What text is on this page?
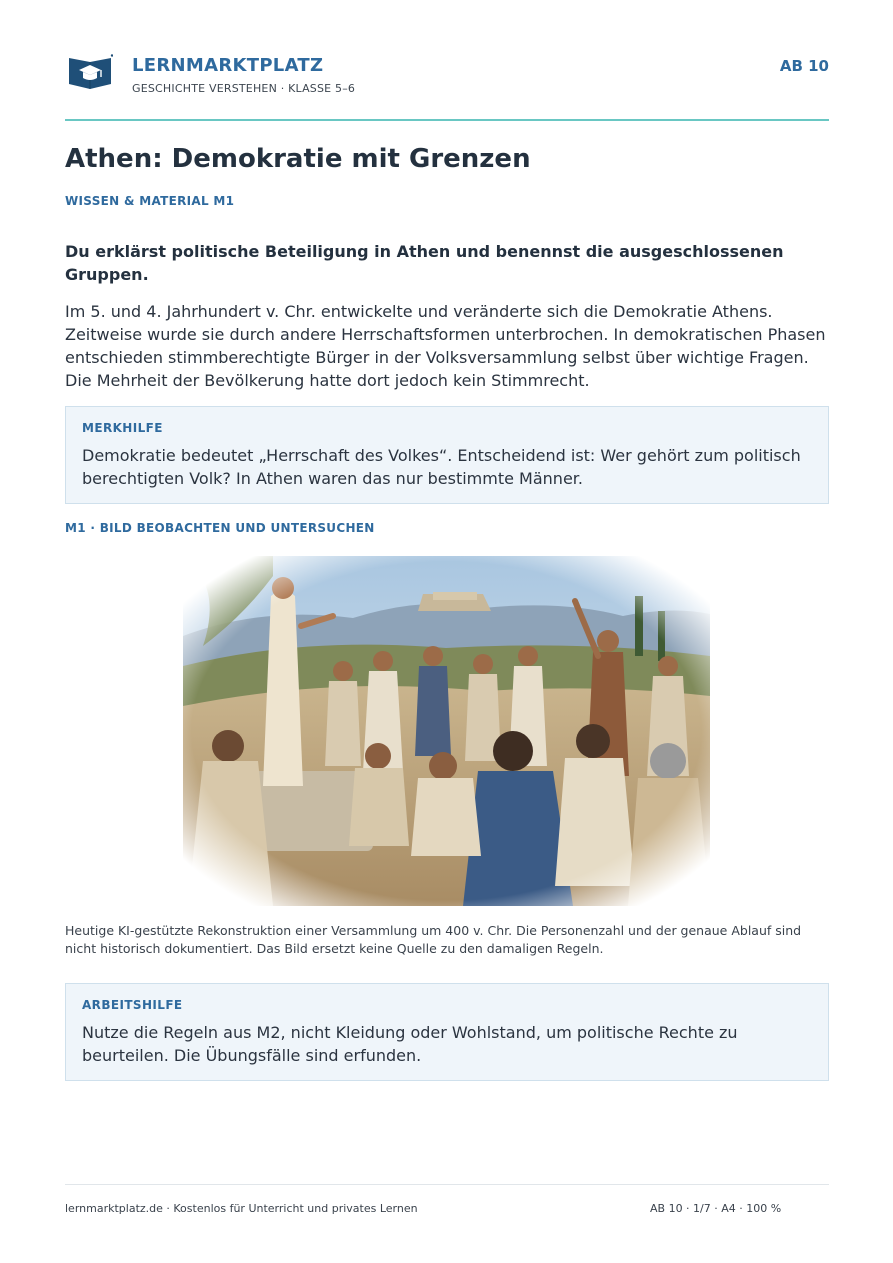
LERNMARKTPLATZ
GESCHICHTE VERSTEHEN · KLASSE 5–6
AB 10
Athen: Demokratie mit Grenzen
WISSEN & MATERIAL M1

Du erklärst politische Beteiligung in Athen und benennst die ausgeschlossenen Gruppen.

Im 5. und 4. Jahrhundert v. Chr. entwickelte und veränderte sich die Demokratie Athens. Zeitweise wurde sie durch andere Herrschaftsformen unterbrochen. In demokratischen Phasen entschieden stimmberechtigte Bürger in der Volksversammlung selbst über wichtige Fragen. Die Mehrheit der Bevölkerung hatte dort jedoch kein Stimmrecht.

MERKHILFE
Demokratie bedeutet „Herrschaft des Volkes“. Entscheidend ist: Wer gehört zum politisch berechtigten Volk? In Athen waren das nur bestimmte Männer.
M1 · BILD BEOBACHTEN UND UNTERSUCHEN

Heutige KI-gestützte Rekonstruktion einer Versammlung um 400 v. Chr. Die Personenzahl und der genaue Ablauf sind nicht historisch dokumentiert. Das Bild ersetzt keine Quelle zu den damaligen Regeln.

ARBEITSHILFE
Nutze die Regeln aus M2, nicht Kleidung oder Wohlstand, um politische Rechte zu beurteilen. Die Übungsfälle sind erfunden.
lernmarktplatz.de · Kostenlos für Unterricht und privates Lernen	AB 10 · 1/7 · A4 · 100 %
